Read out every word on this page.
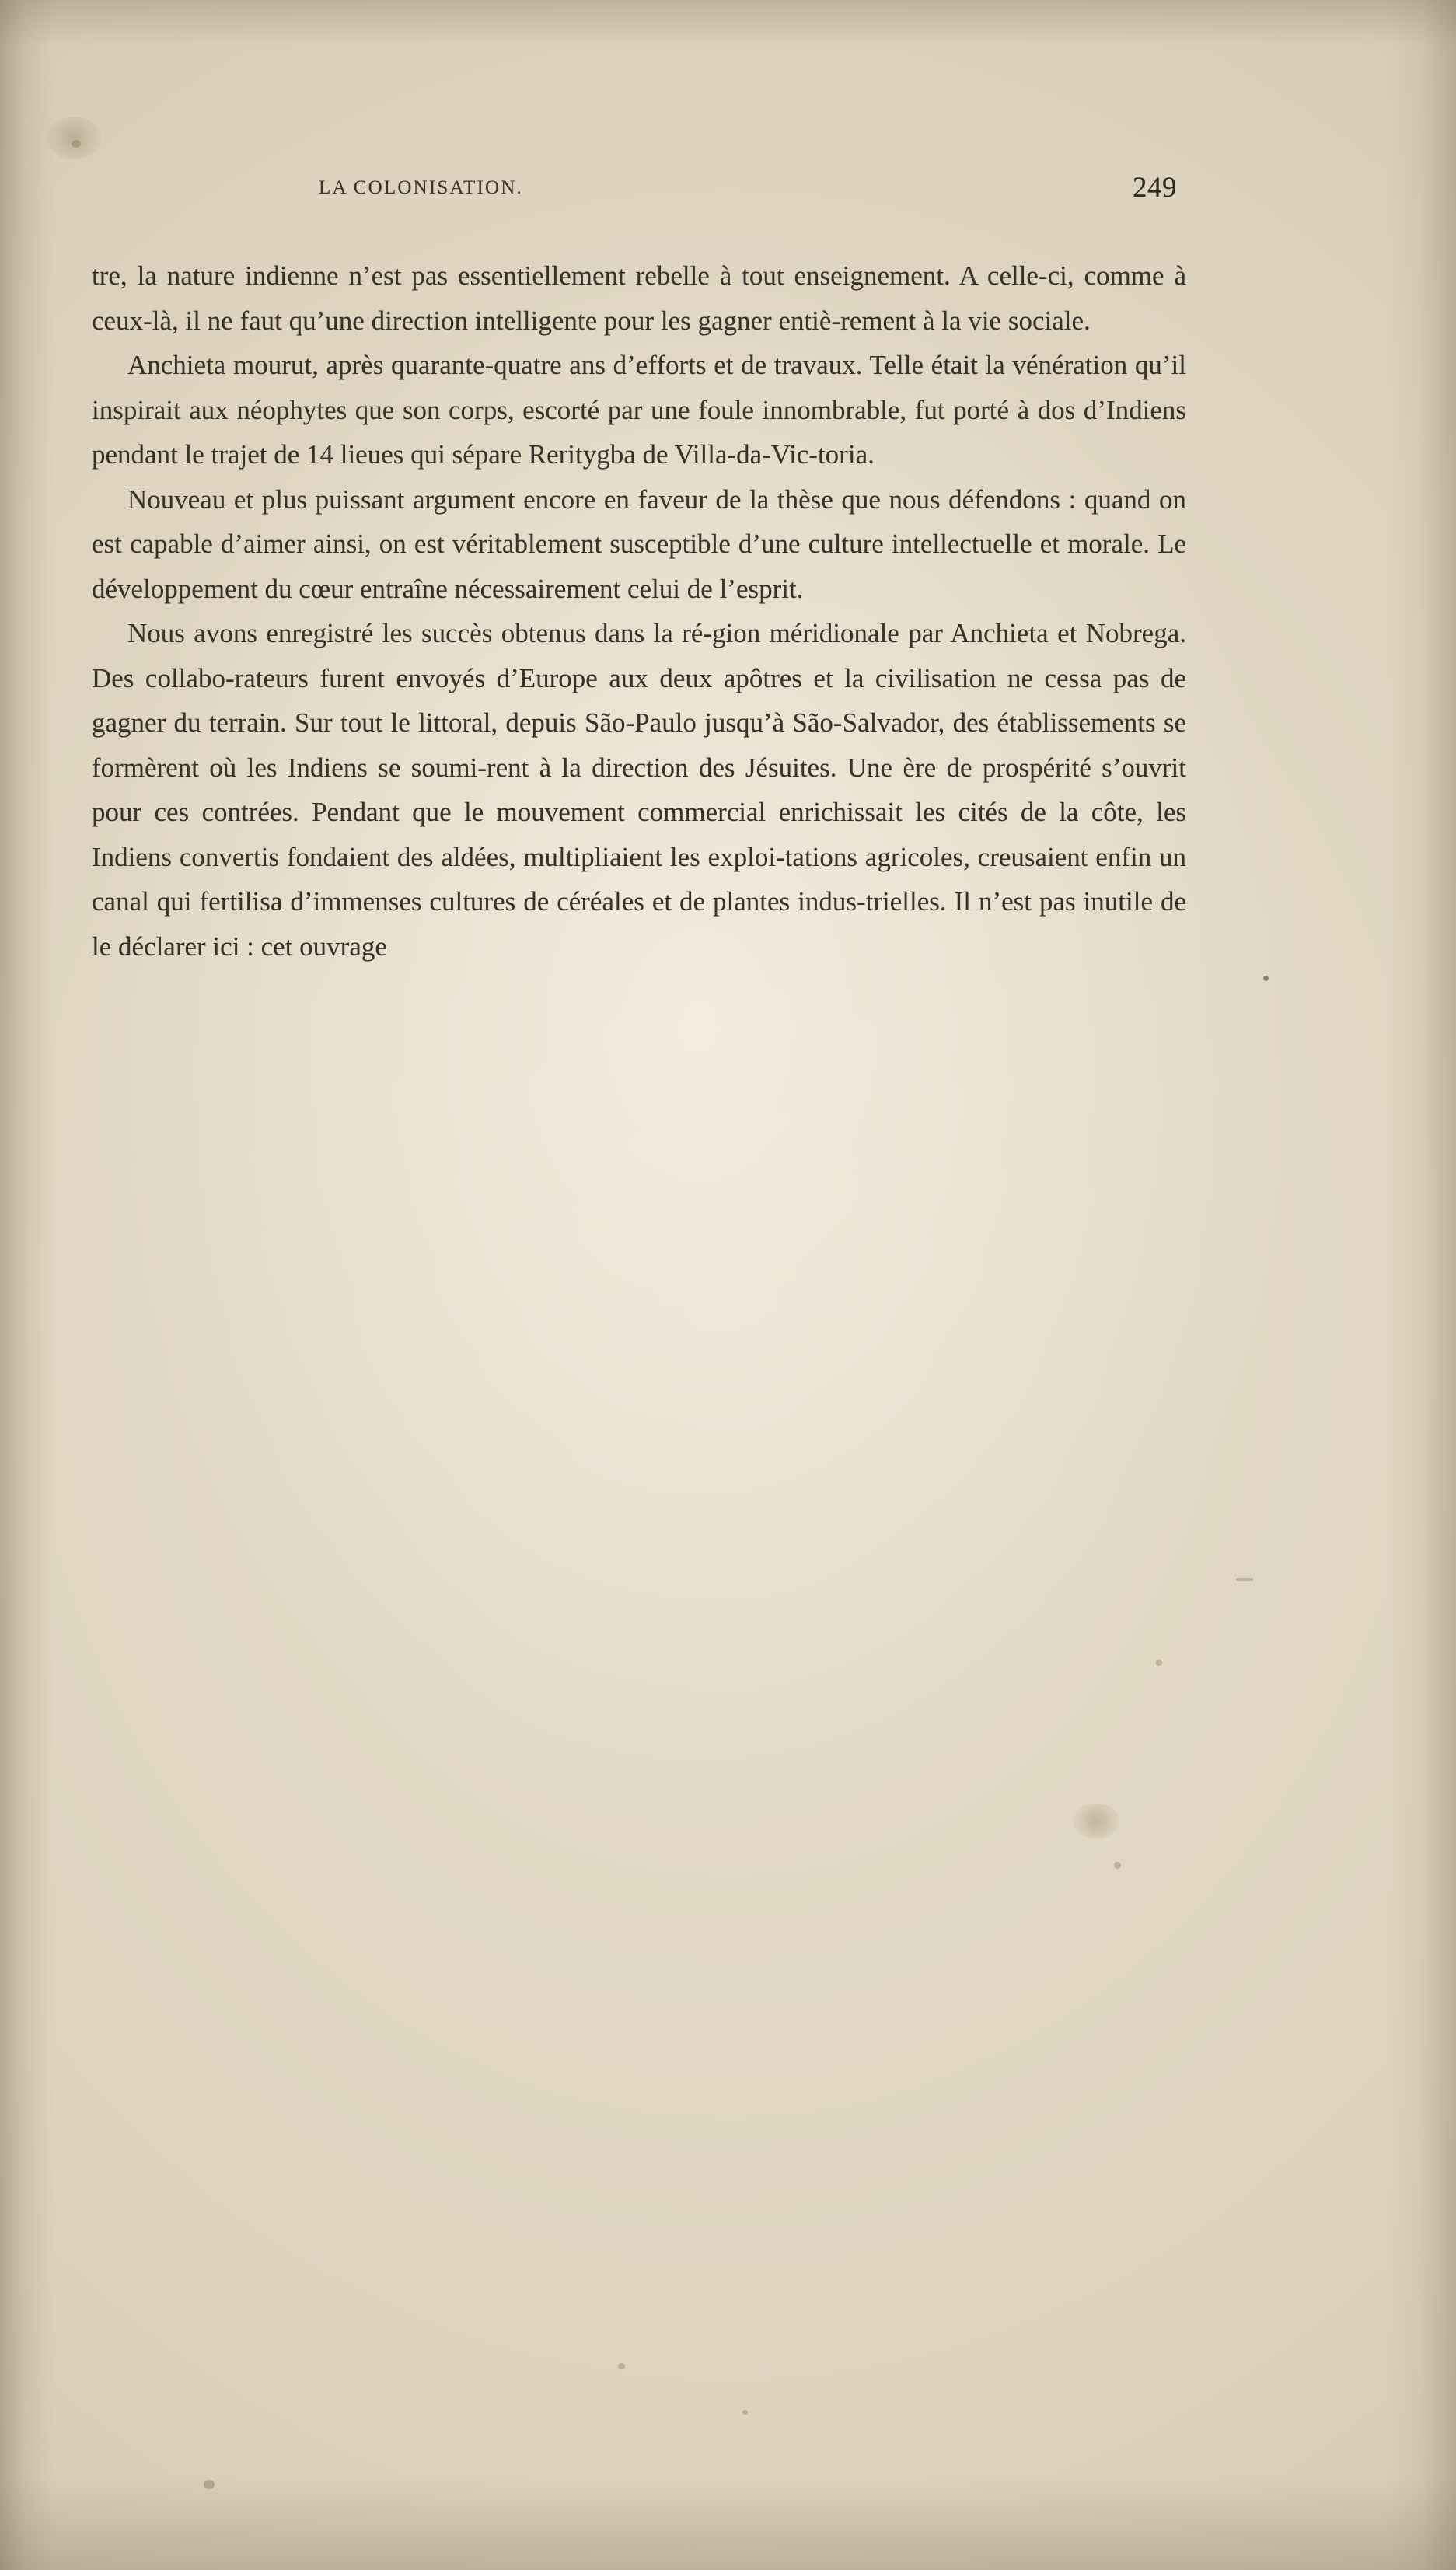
LA COLONISATION.	249

tre, la nature indienne n’est pas essentiellement rebelle à tout enseignement. A celle-ci, comme à ceux-là, il ne faut qu’une direction intelligente pour les gagner entiè-rement à la vie sociale.

Anchieta mourut, après quarante-quatre ans d’efforts et de travaux. Telle était la vénération qu’il inspirait aux néophytes que son corps, escorté par une foule innombrable, fut porté à dos d’Indiens pendant le trajet de 14 lieues qui sépare Reritygba de Villa-da-Vic-toria.

Nouveau et plus puissant argument encore en faveur de la thèse que nous défendons : quand on est capable d’aimer ainsi, on est véritablement susceptible d’une culture intellectuelle et morale. Le développement du cœur entraîne nécessairement celui de l’esprit.

Nous avons enregistré les succès obtenus dans la ré-gion méridionale par Anchieta et Nobrega. Des collabo-rateurs furent envoyés d’Europe aux deux apôtres et la civilisation ne cessa pas de gagner du terrain. Sur tout le littoral, depuis São-Paulo jusqu’à São-Salvador, des établissements se formèrent où les Indiens se soumi-rent à la direction des Jésuites. Une ère de prospérité s’ouvrit pour ces contrées. Pendant que le mouvement commercial enrichissait les cités de la côte, les Indiens convertis fondaient des aldées, multipliaient les exploi-tations agricoles, creusaient enfin un canal qui fertilisa d’immenses cultures de céréales et de plantes indus-trielles. Il n’est pas inutile de le déclarer ici : cet ouvrage
